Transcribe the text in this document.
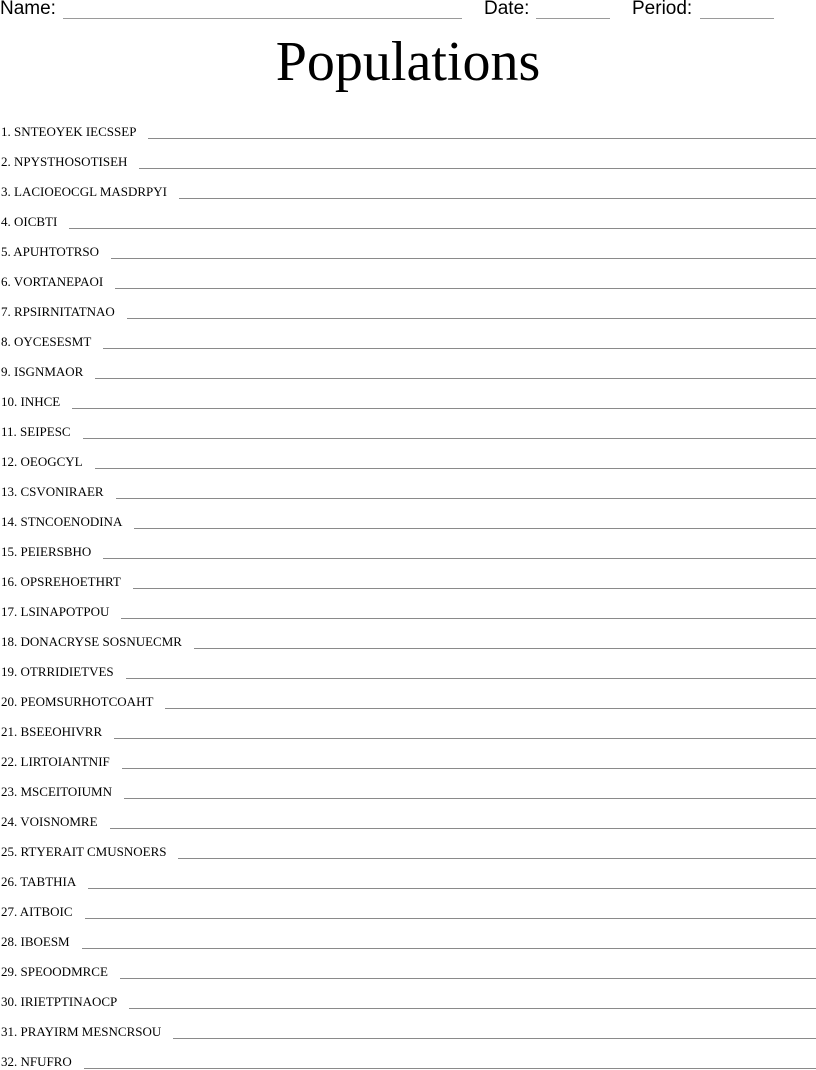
Name:	Date:	Period:
Populations
1. SNTEOYEK IECSSEP
2. NPYSTHOSOTISEH
3. LACIOEOCGL MASDRPYI
4. OICBTI
5. APUHTOTRSO
6. VORTANEPAOI
7. RPSIRNITATNAO
8. OYCESESMT
9. ISGNMAOR
10. INHCE
11. SEIPESC
12. OEOGCYL
13. CSVONIRAER
14. STNCOENODINA
15. PEIERSBHO
16. OPSREHOETHRT
17. LSINAPOTPOU
18. DONACRYSE SOSNUECMR
19. OTRRIDIETVES
20. PEOMSURHOTCOAHT
21. BSEEOHIVRR
22. LIRTOIANTNIF
23. MSCEITOIUMN
24. VOISNOMRE
25. RTYERAIT CMUSNOERS
26. TABTHIA
27. AITBOIC
28. IBOESM
29. SPEOODMRCE
30. IRIETPTINAOCP
31. PRAYIRM MESNCRSOU
32. NFUFRO
